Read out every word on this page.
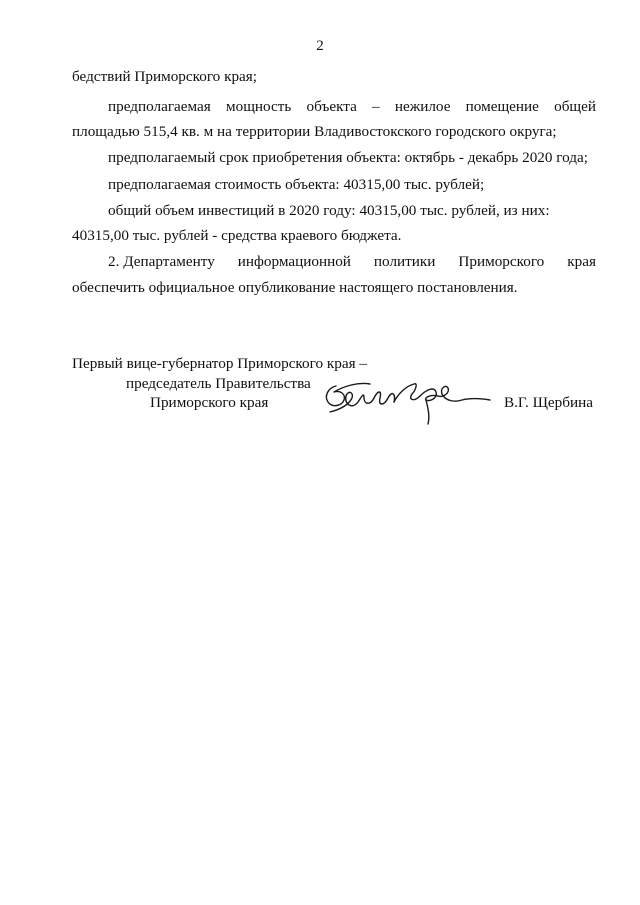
2
бедствий Приморского края;
предполагаемая мощность объекта – нежилое помещение общей
площадью 515,4 кв. м на территории Владивостокского городского округа;
предполагаемый срок приобретения объекта: октябрь - декабрь 2020 года;
предполагаемая стоимость объекта: 40315,00 тыс. рублей;
общий объем инвестиций в 2020 году: 40315,00 тыс. рублей, из них:
40315,00 тыс. рублей - средства краевого бюджета.
2. Департаменту информационной политики Приморского края
обеспечить официальное опубликование настоящего постановления.
Первый вице-губернатор Приморского края –
председатель Правительства
Приморского края	В.Г. Щербина
